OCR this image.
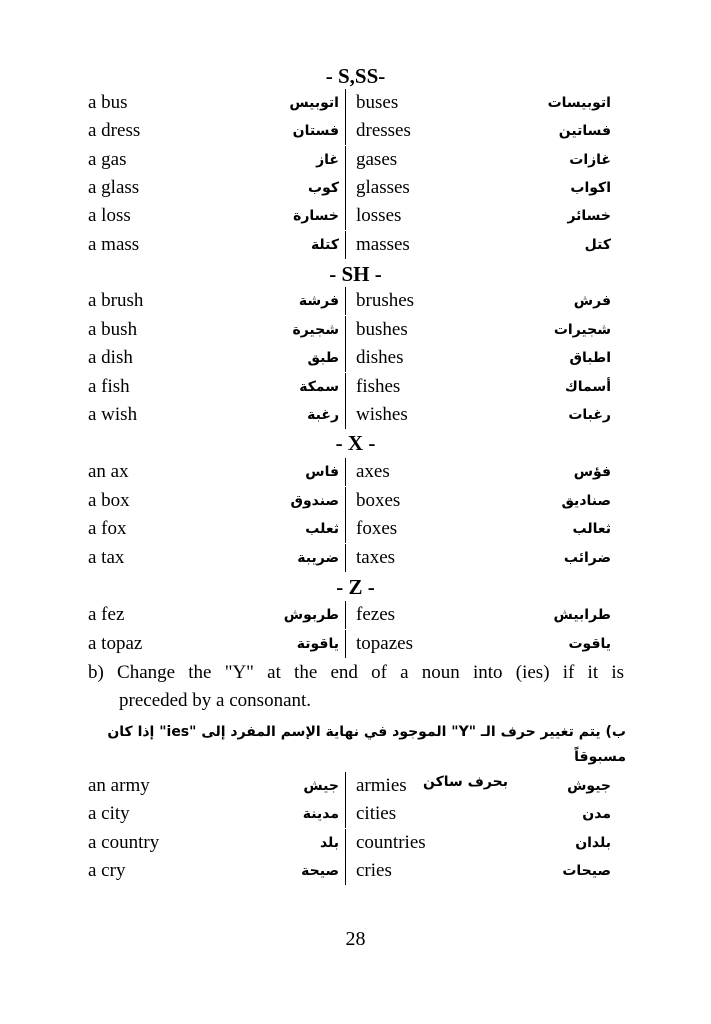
- S,SS-
a bus	اتوبيس buses	اتوبيسات
a dress	فستان dresses	فساتين
a gas	غاز gases	غازات
a glass	كوب glasses	اكواب
a loss	خسارة losses	خسائر
a mass	كتلة masses	كتل
- SH -
a brush	فرشة brushes	فرش
a bush	شجيرة bushes	شجيرات
a dish	طبق dishes	اطباق
a fish	سمكة fishes	أسماك
a wish	رغبة wishes	رغبات
- X -
an ax	فاس axes	فؤس
a box	صندوق boxes	صناديق
a fox	ثعلب foxes	ثعالب
a tax	ضريبة taxes	ضرائب
- Z -
a fez	طربوش fezes	طرابيش
a topaz	ياقوتة topazes	ياقوت
b) Change the "Y" at the end of a noun into (ies) if it is
preceded by a consonant.
ب) يتم تغيير حرف الـ "Y" الموجود في نهاية الإسم المفرد إلى "ies" إذا كان مسبوقاً
بحرف ساكن
an army	جيش armies	جيوش
a city	مدينة cities	مدن
a country	بلد countries	بلدان
a cry	صيحة cries	صيحات
28
